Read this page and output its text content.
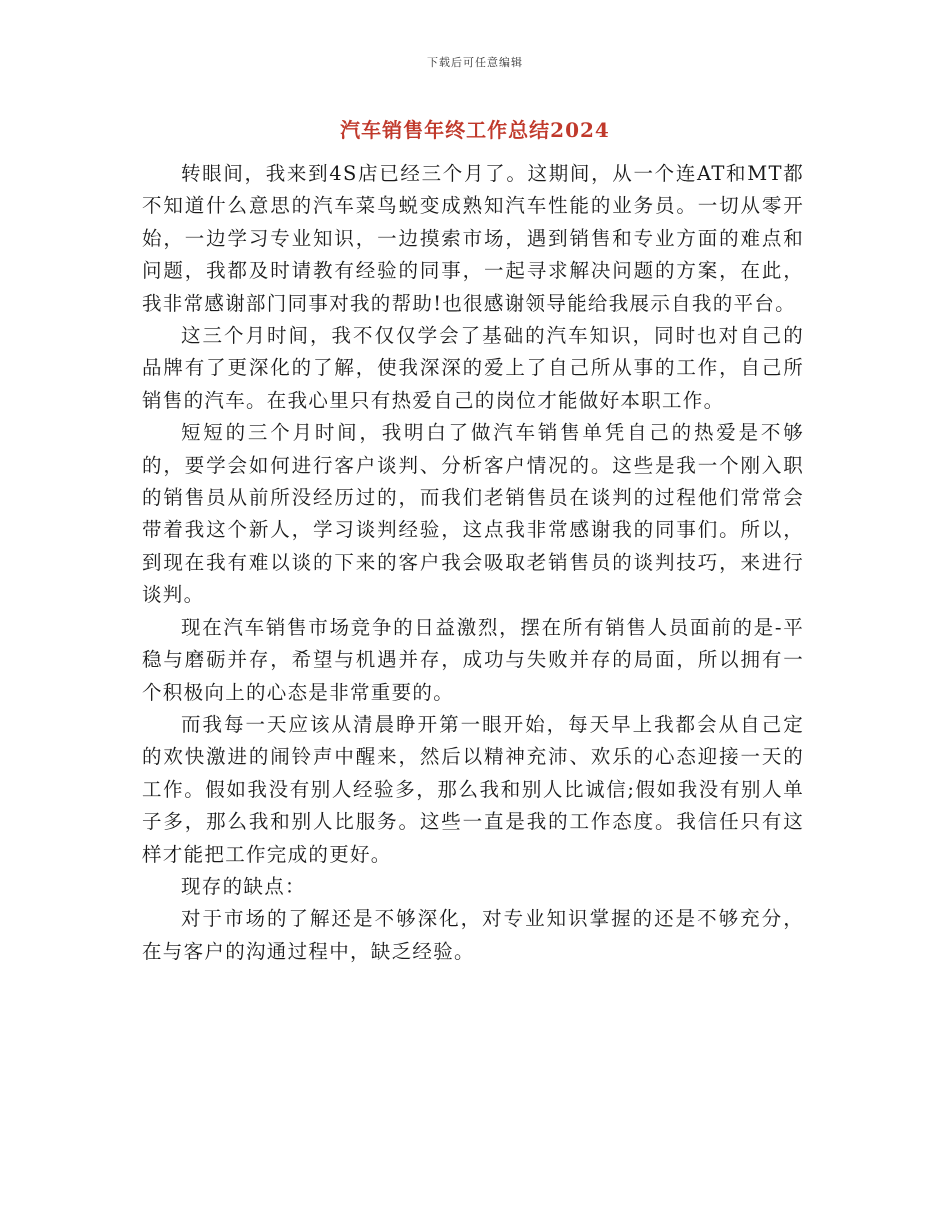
下载后可任意编辑
汽车销售年终工作总结2024

转眼间，我来到4S店已经三个月了。这期间，从一个连AT和MT都不知道什么意思的汽车菜鸟蜕变成熟知汽车性能的业务员。一切从零开始，一边学习专业知识，一边摸索市场，遇到销售和专业方面的难点和问题，我都及时请教有经验的同事，一起寻求解决问题的方案，在此，我非常感谢部门同事对我的帮助!也很感谢领导能给我展示自我的平台。

这三个月时间，我不仅仅学会了基础的汽车知识，同时也对自己的品牌有了更深化的了解，使我深深的爱上了自己所从事的工作，自己所销售的汽车。在我心里只有热爱自己的岗位才能做好本职工作。

短短的三个月时间，我明白了做汽车销售单凭自己的热爱是不够的，要学会如何进行客户谈判、分析客户情况的。这些是我一个刚入职的销售员从前所没经历过的，而我们老销售员在谈判的过程他们常常会带着我这个新人，学习谈判经验，这点我非常感谢我的同事们。所以，到现在我有难以谈的下来的客户我会吸取老销售员的谈判技巧，来进行谈判。

现在汽车销售市场竞争的日益激烈，摆在所有销售人员面前的是-平稳与磨砺并存，希望与机遇并存，成功与失败并存的局面，所以拥有一个积极向上的心态是非常重要的。

而我每一天应该从清晨睁开第一眼开始，每天早上我都会从自己定的欢快激进的闹铃声中醒来，然后以精神充沛、欢乐的心态迎接一天的工作。假如我没有别人经验多，那么我和别人比诚信;假如我没有别人单子多，那么我和别人比服务。这些一直是我的工作态度。我信任只有这样才能把工作完成的更好。

现存的缺点：

对于市场的了解还是不够深化，对专业知识掌握的还是不够充分，在与客户的沟通过程中，缺乏经验。
